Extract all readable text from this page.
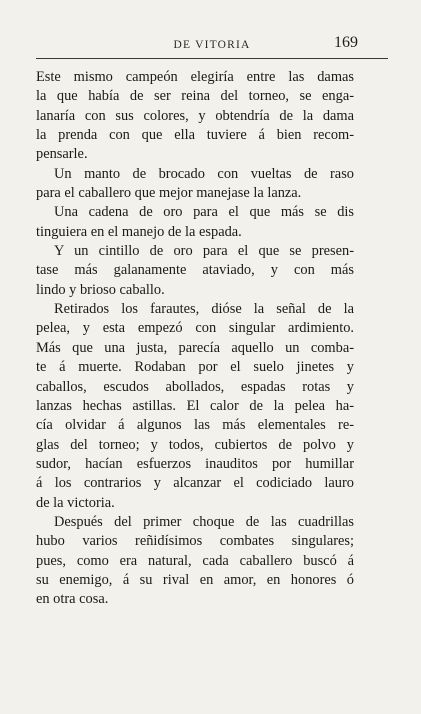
DE VITORIA	169
Este mismo campeón elegiría entre las damas
la que había de ser reina del torneo, se enga-
lanaría con sus colores, y obtendría de la dama
la prenda con que ella tuviere á bien recom-
pensarle.
Un manto de brocado con vueltas de raso
para el caballero que mejor manejase la lanza.
Una cadena de oro para el que más se dis
tinguiera en el manejo de la espada.
Y un cintillo de oro para el que se presen-
tase más galanamente ataviado, y con más
lindo y brioso caballo.
Retirados los farautes, dióse la señal de la
pelea, y esta empezó con singular ardimiento.
Más que una justa, parecía aquello un comba-
te á muerte. Rodaban por el suelo jinetes y
caballos, escudos abollados, espadas rotas y
lanzas hechas astillas. El calor de la pelea ha-
cía olvidar á algunos las más elementales re-
glas del torneo; y todos, cubiertos de polvo y
sudor, hacían esfuerzos inauditos por humillar
á los contrarios y alcanzar el codiciado lauro
de la victoria.
Después del primer choque de las cuadrillas
hubo varios reñidísimos combates singulares;
pues, como era natural, cada caballero buscó á
su enemigo, á su rival en amor, en honores ó
en otra cosa.
